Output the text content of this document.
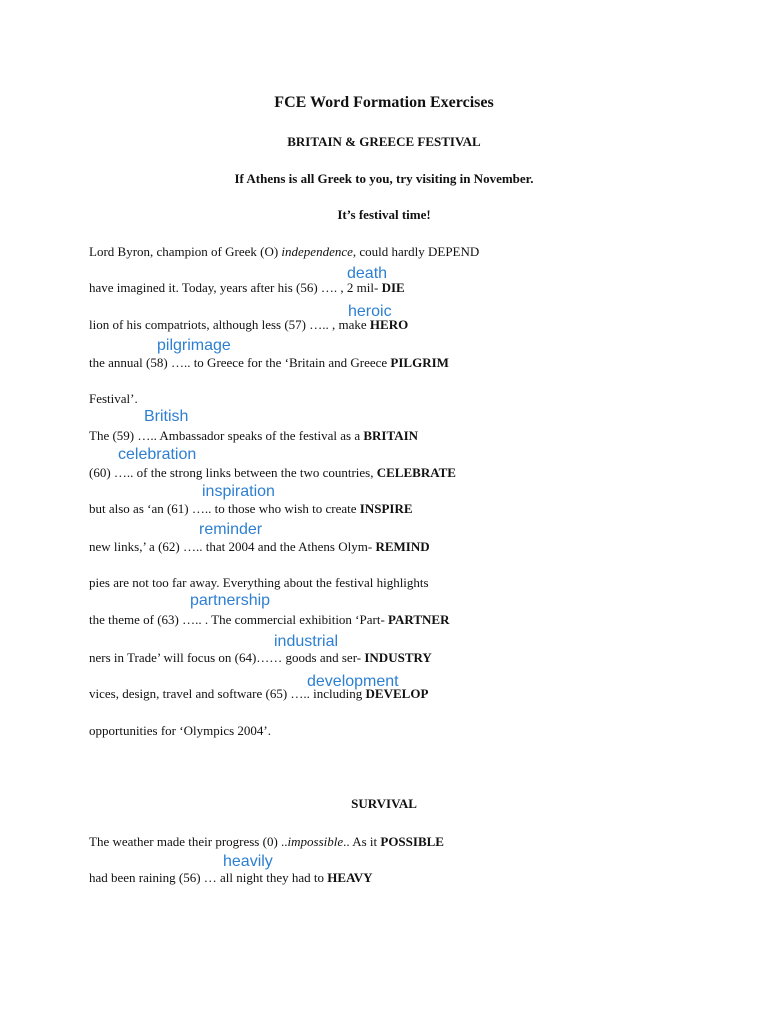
FCE Word Formation Exercises
BRITAIN & GREECE FESTIVAL
If Athens is all Greek to you, try visiting in November.
It’s festival time!
Lord Byron, champion of Greek (O) independence, could hardly DEPEND
have imagined it. Today, years after his (56) …. , 2 mil- DIE
lion of his compatriots, although less (57) ….. , make HERO
the annual (58) ….. to Greece for the ‘Britain and Greece PILGRIM
Festival’.
The (59) ….. Ambassador speaks of the festival as a BRITAIN
(60) ….. of the strong links between the two countries, CELEBRATE
but also as ‘an (61) ….. to those who wish to create INSPIRE
new links,’ a (62) ….. that 2004 and the Athens Olym- REMIND
pies are not too far away. Everything about the festival highlights
the theme of (63) ….. . The commercial exhibition ‘Part- PARTNER
ners in Trade’ will focus on (64)…… goods and ser- INDUSTRY
vices, design, travel and software (65) ….. including DEVELOP
opportunities for ‘Olympics 2004’.
SURVIVAL
The weather made their progress (0) ..impossible.. As it POSSIBLE
had been raining (56) … all night they had to HEAVY
death
heroic
pilgrimage
British
celebration
inspiration
reminder
partnership
industrial
development
heavily
